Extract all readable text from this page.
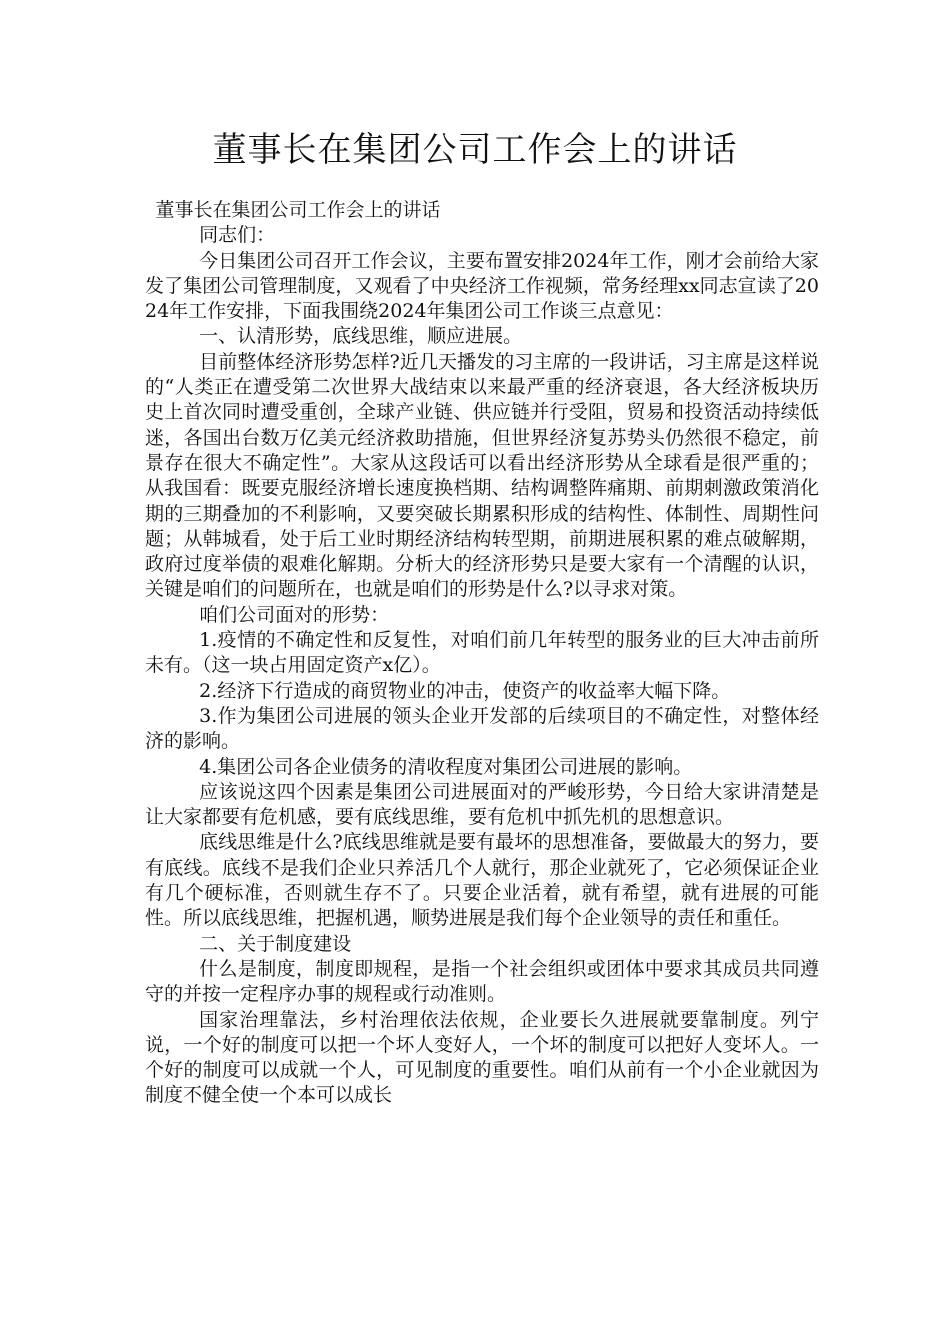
董事长在集团公司工作会上的讲话

董事长在集团公司工作会上的讲话

同志们：

今日集团公司召开工作会议，主要布置安排2024年工作，刚才会前给大家发了集团公司管理制度，又观看了中央经济工作视频，常务经理xx同志宣读了2024年工作安排，下面我围绕2024年集团公司工作谈三点意见：

一、认清形势，底线思维，顺应进展。

目前整体经济形势怎样?近几天播发的习主席的一段讲话，习主席是这样说的“人类正在遭受第二次世界大战结束以来最严重的经济衰退，各大经济板块历史上首次同时遭受重创，全球产业链、供应链并行受阻，贸易和投资活动持续低迷，各国出台数万亿美元经济救助措施，但世界经济复苏势头仍然很不稳定，前景存在很大不确定性”。大家从这段话可以看出经济形势从全球看是很严重的；从我国看：既要克服经济增长速度换档期、结构调整阵痛期、前期刺激政策消化期的三期叠加的不利影响，又要突破长期累积形成的结构性、体制性、周期性问题；从韩城看，处于后工业时期经济结构转型期，前期进展积累的难点破解期，政府过度举债的艰难化解期。分析大的经济形势只是要大家有一个清醒的认识，关键是咱们的问题所在，也就是咱们的形势是什么?以寻求对策。

咱们公司面对的形势：

1.疫情的不确定性和反复性，对咱们前几年转型的服务业的巨大冲击前所未有。（这一块占用固定资产x亿）。

2.经济下行造成的商贸物业的冲击，使资产的收益率大幅下降。

3.作为集团公司进展的领头企业开发部的后续项目的不确定性，对整体经济的影响。

4.集团公司各企业债务的清收程度对集团公司进展的影响。

应该说这四个因素是集团公司进展面对的严峻形势，今日给大家讲清楚是让大家都要有危机感，要有底线思维，要有危机中抓先机的思想意识。

底线思维是什么?底线思维就是要有最坏的思想准备，要做最大的努力，要有底线。底线不是我们企业只养活几个人就行，那企业就死了，它必须保证企业有几个硬标准，否则就生存不了。只要企业活着，就有希望，就有进展的可能性。所以底线思维，把握机遇，顺势进展是我们每个企业领导的责任和重任。

二、关于制度建设

什么是制度，制度即规程，是指一个社会组织或团体中要求其成员共同遵守的并按一定程序办事的规程或行动准则。

国家治理靠法，乡村治理依法依规，企业要长久进展就要靠制度。列宁说，一个好的制度可以把一个坏人变好人，一个坏的制度可以把好人变坏人。一个好的制度可以成就一个人，可见制度的重要性。咱们从前有一个小企业就因为制度不健全使一个本可以成长
